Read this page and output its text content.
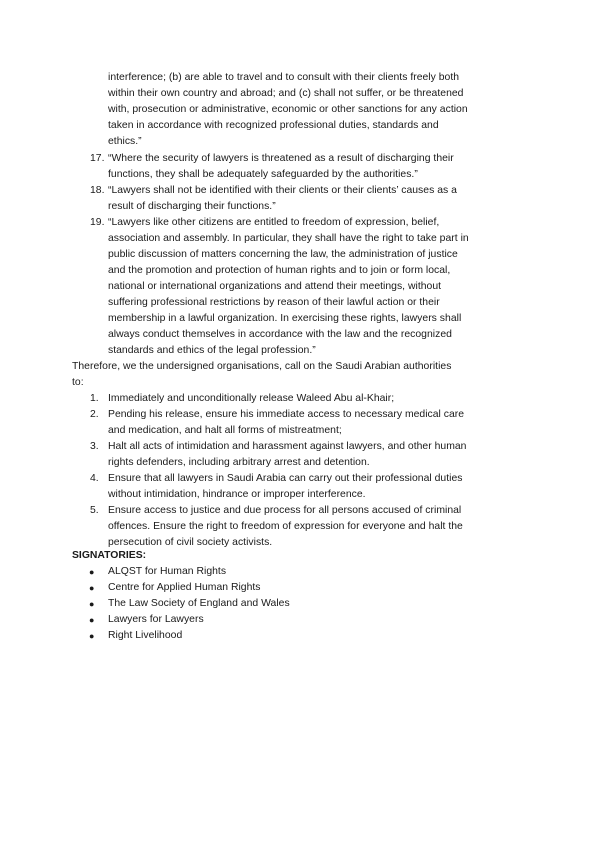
interference; (b) are able to travel and to consult with their clients freely both
within their own country and abroad; and (c) shall not suffer, or be threatened
with, prosecution or administrative, economic or other sanctions for any action
taken in accordance with recognized professional duties, standards and
ethics.”
17. “Where the security of lawyers is threatened as a result of discharging their
functions, they shall be adequately safeguarded by the authorities.”
18. “Lawyers shall not be identified with their clients or their clients’ causes as a
result of discharging their functions.”
19. “Lawyers like other citizens are entitled to freedom of expression, belief,
association and assembly. In particular, they shall have the right to take part in
public discussion of matters concerning the law, the administration of justice
and the promotion and protection of human rights and to join or form local,
national or international organizations and attend their meetings, without
suffering professional restrictions by reason of their lawful action or their
membership in a lawful organization. In exercising these rights, lawyers shall
always conduct themselves in accordance with the law and the recognized
standards and ethics of the legal profession.”
Therefore, we the undersigned organisations, call on the Saudi Arabian authorities
to:
1. Immediately and unconditionally release Waleed Abu al-Khair;
2. Pending his release, ensure his immediate access to necessary medical care
and medication, and halt all forms of mistreatment;
3. Halt all acts of intimidation and harassment against lawyers, and other human
rights defenders, including arbitrary arrest and detention.
4. Ensure that all lawyers in Saudi Arabia can carry out their professional duties
without intimidation, hindrance or improper interference.
5. Ensure access to justice and due process for all persons accused of criminal
offences. Ensure the right to freedom of expression for everyone and halt the
persecution of civil society activists.
SIGNATORIES:
● ALQST for Human Rights
● Centre for Applied Human Rights
● The Law Society of England and Wales
● Lawyers for Lawyers
● Right Livelihood
